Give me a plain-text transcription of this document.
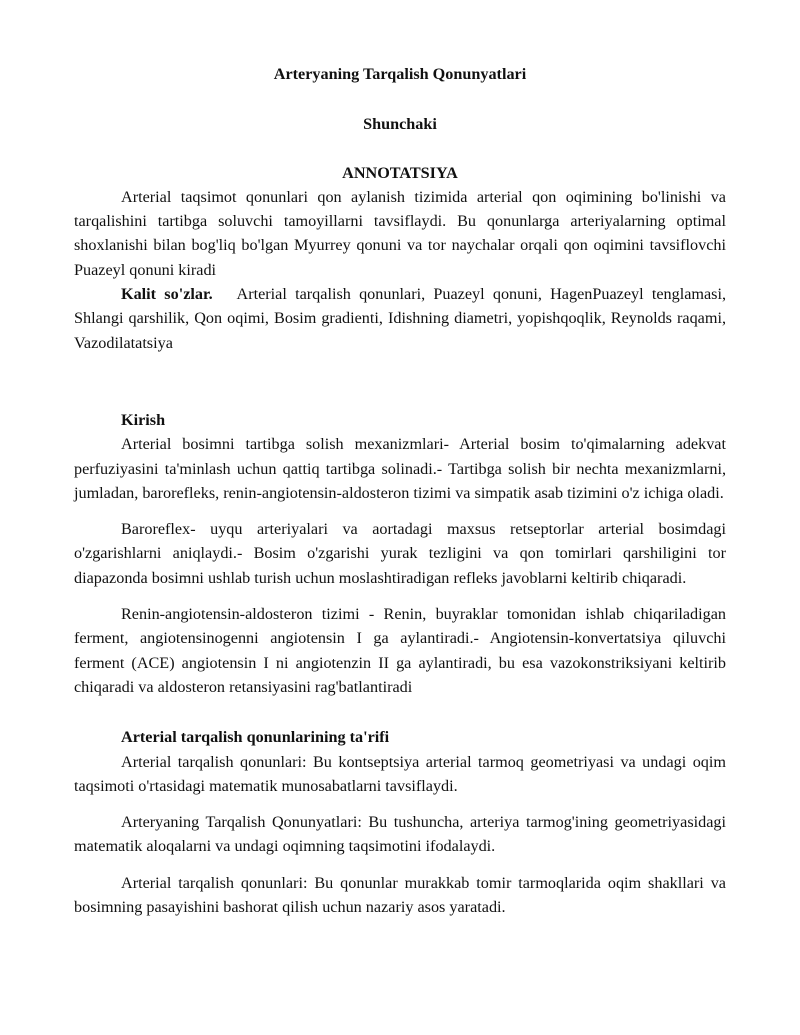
Arteryaning Tarqalish Qonunyatlari

Shunchaki

ANNOTATSIYA

Arterial taqsimot qonunlari qon aylanish tizimida arterial qon oqimining bo'linishi va tarqalishini tartibga soluvchi tamoyillarni tavsiflaydi. Bu qonunlarga arteriyalarning optimal shoxlanishi bilan bog'liq bo'lgan Myurrey qonuni va tor naychalar orqali qon oqimini tavsiflovchi Puazeyl qonuni kiradi

Kalit so'zlar. Arterial tarqalish qonunlari, Puazeyl qonuni, HagenPuazeyl tenglamasi, Shlangi qarshilik, Qon oqimi, Bosim gradienti, Idishning diametri, yopishqoqlik, Reynolds raqami, Vazodilatatsiya

Kirish

Arterial bosimni tartibga solish mexanizmlari- Arterial bosim to'qimalarning adekvat perfuziyasini ta'minlash uchun qattiq tartibga solinadi.- Tartibga solish bir nechta mexanizmlarni, jumladan, barorefleks, renin-angiotensin-aldosteron tizimi va simpatik asab tizimini o'z ichiga oladi.

Baroreflex- uyqu arteriyalari va aortadagi maxsus retseptorlar arterial bosimdagi o'zgarishlarni aniqlaydi.- Bosim o'zgarishi yurak tezligini va qon tomirlari qarshiligini tor diapazonda bosimni ushlab turish uchun moslashtiradigan refleks javoblarni keltirib chiqaradi.

Renin-angiotensin-aldosteron tizimi - Renin, buyraklar tomonidan ishlab chiqariladigan ferment, angiotensinogenni angiotensin I ga aylantiradi.- Angiotensin-konvertatsiya qiluvchi ferment (ACE) angiotensin I ni angiotenzin II ga aylantiradi, bu esa vazokonstriksiyani keltirib chiqaradi va aldosteron retansiyasini rag'batlantiradi

Arterial tarqalish qonunlarining ta'rifi

Arterial tarqalish qonunlari: Bu kontseptsiya arterial tarmoq geometriyasi va undagi oqim taqsimoti o'rtasidagi matematik munosabatlarni tavsiflaydi.

Arteryaning Tarqalish Qonunyatlari: Bu tushuncha, arteriya tarmog'ining geometriyasidagi matematik aloqalarni va undagi oqimning taqsimotini ifodalaydi.

Arterial tarqalish qonunlari: Bu qonunlar murakkab tomir tarmoqlarida oqim shakllari va bosimning pasayishini bashorat qilish uchun nazariy asos yaratadi.
